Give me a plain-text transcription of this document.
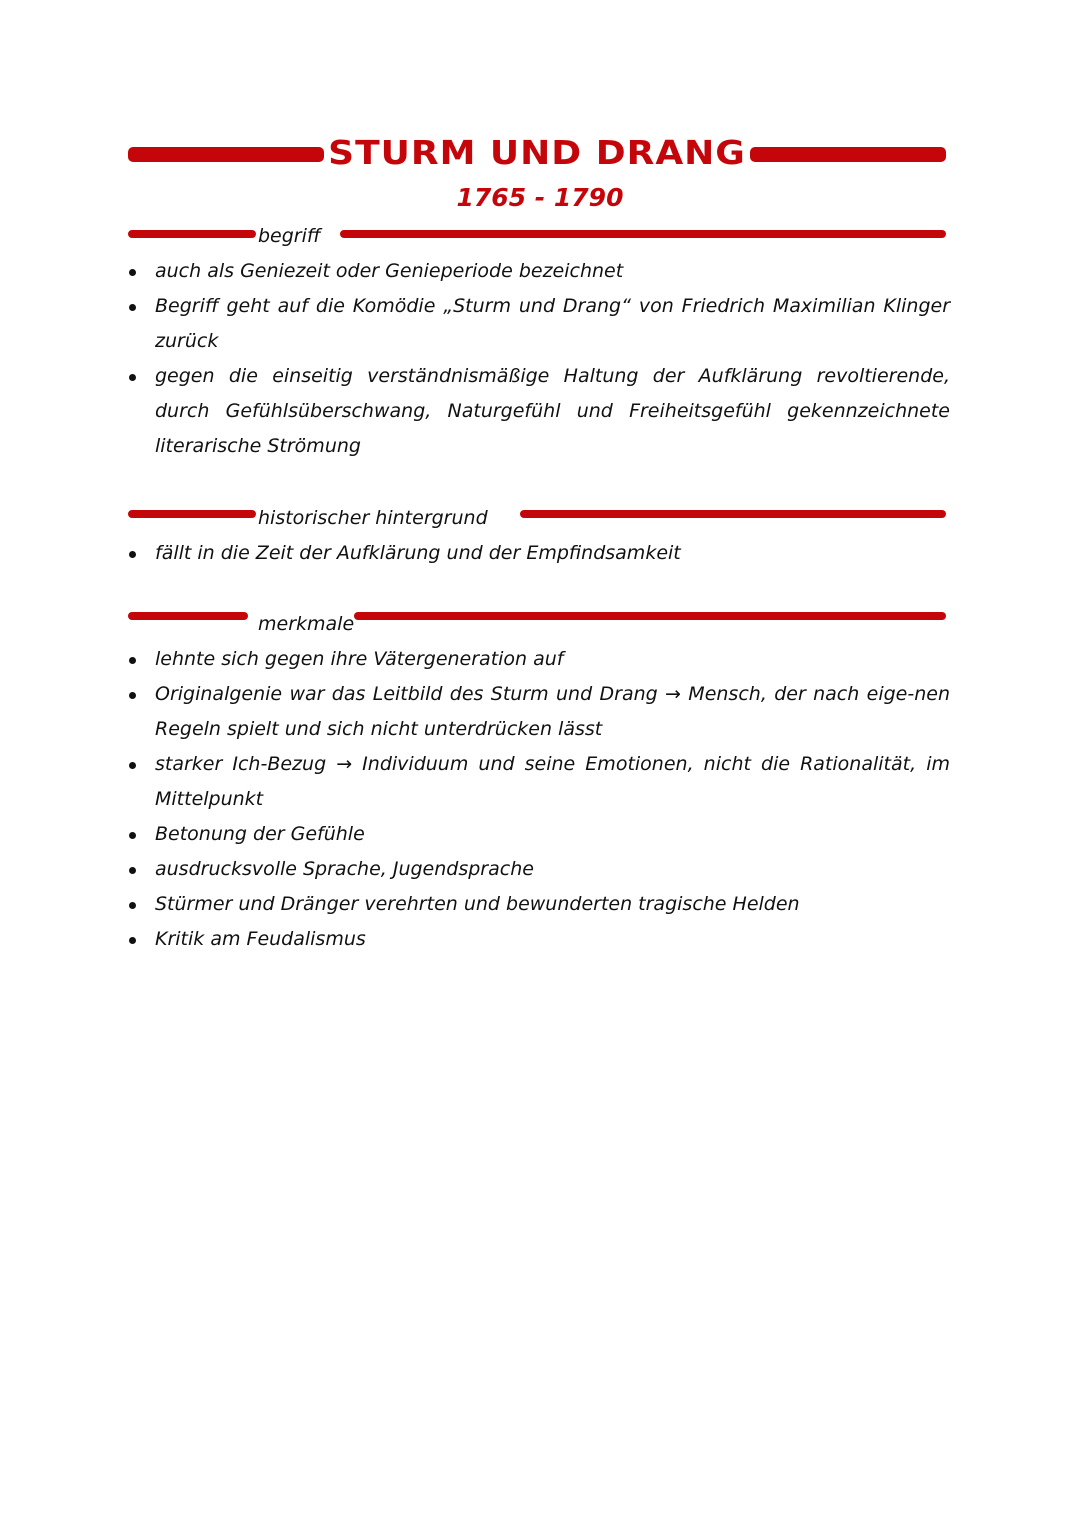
STURM UND DRANG
1765 - 1790
begriff
auch als Geniezeit oder Genieperiode bezeichnet
Begriff geht auf die Komödie „Sturm und Drang“ von Friedrich Maximilian Klinger zurück
gegen die einseitig verständnismäßige Haltung der Aufklärung revoltierende, durch Gefühlsüberschwang, Naturgefühl und Freiheitsgefühl gekennzeichnete literarische Strömung
historischer hintergrund
fällt in die Zeit der Aufklärung und der Empfindsamkeit
merkmale
lehnte sich gegen ihre Vätergeneration auf
Originalgenie war das Leitbild des Sturm und Drang → Mensch, der nach eige-nen Regeln spielt und sich nicht unterdrücken lässt
starker Ich-Bezug → Individuum und seine Emotionen, nicht die Rationalität, im Mittelpunkt
Betonung der Gefühle
ausdrucksvolle Sprache, Jugendsprache
Stürmer und Dränger verehrten und bewunderten tragische Helden
Kritik am Feudalismus
